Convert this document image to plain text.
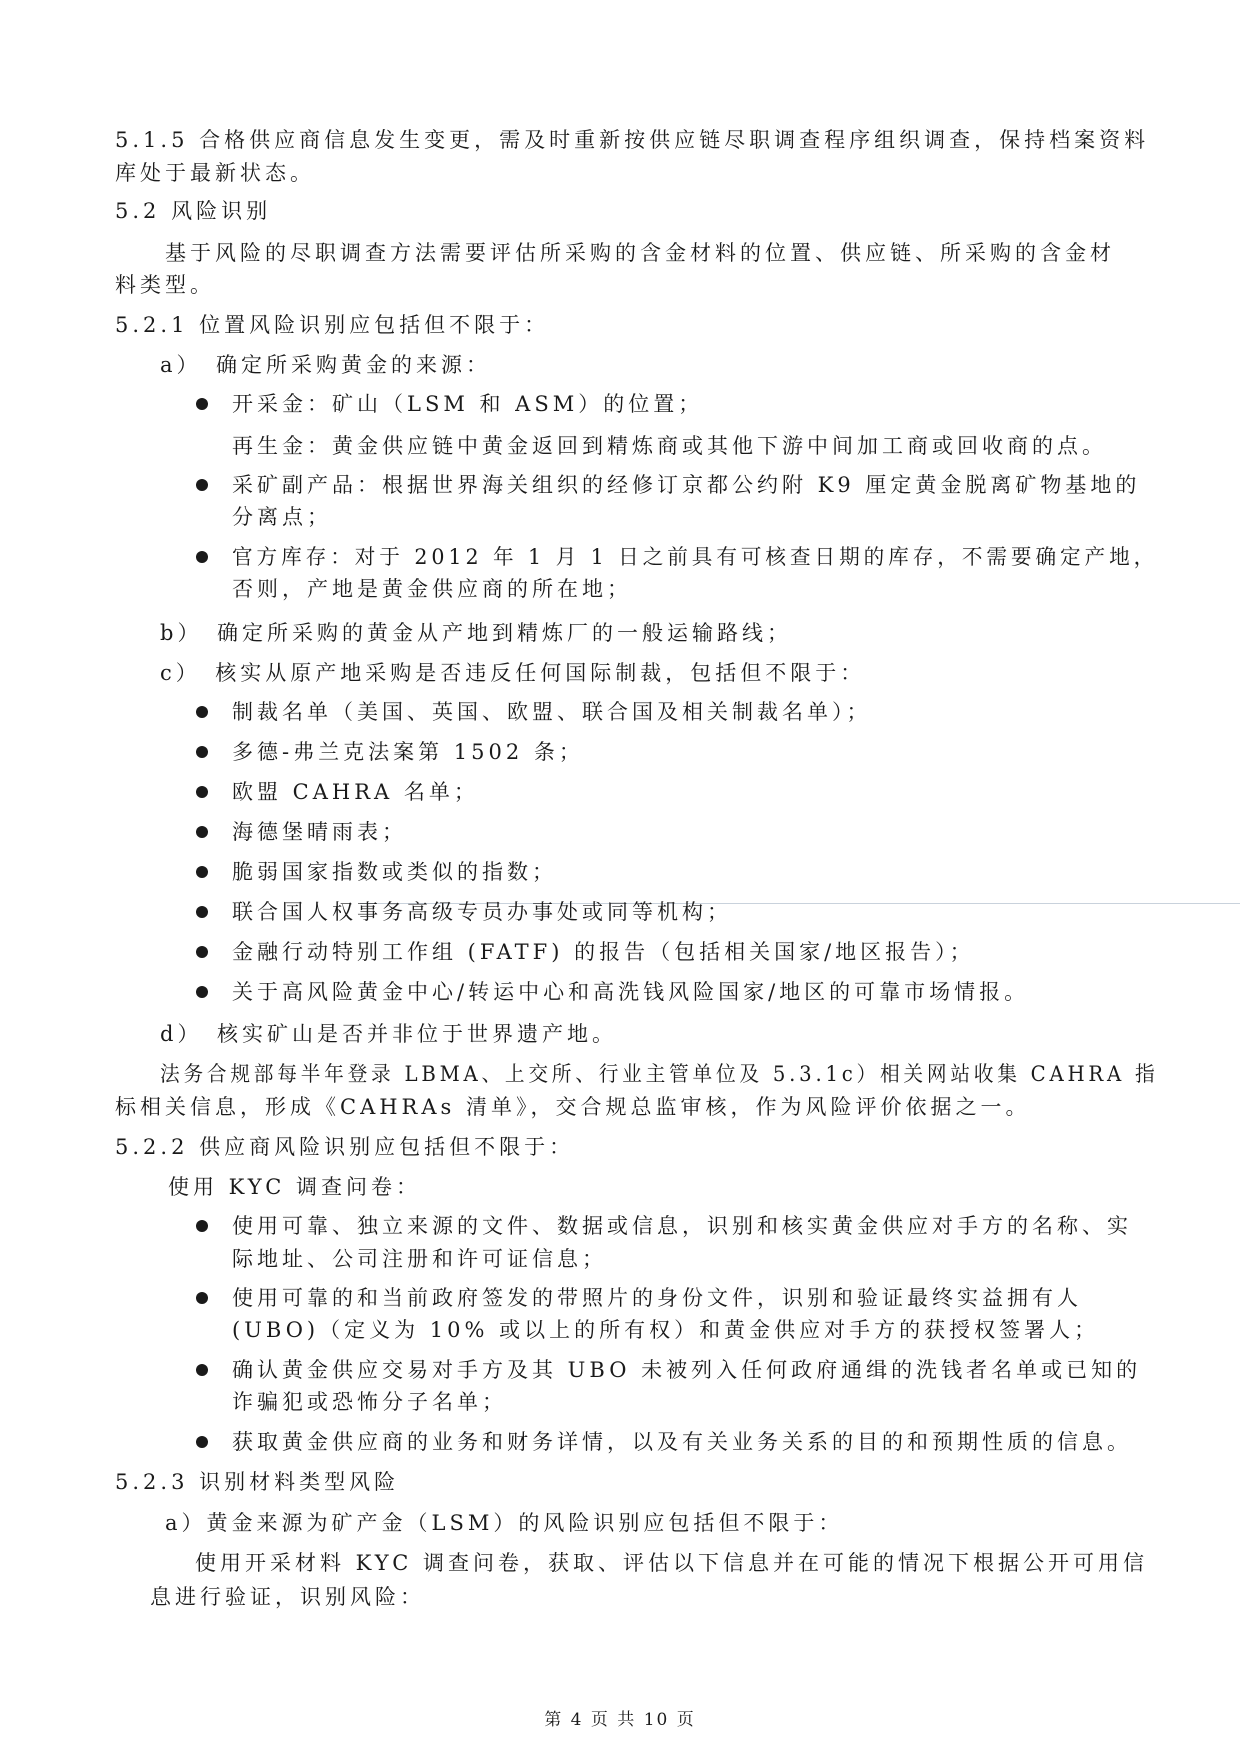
5.1.5 合格供应商信息发生变更，需及时重新按供应链尽职调查程序组织调查，保持档案资料
库处于最新状态。
5.2 风险识别
基于风险的尽职调查方法需要评估所采购的含金材料的位置、供应链、所采购的含金材
料类型。
5.2.1 位置风险识别应包括但不限于：
a）　确定所采购黄金的来源：
开采金：矿山（LSM 和 ASM）的位置；
再生金：黄金供应链中黄金返回到精炼商或其他下游中间加工商或回收商的点。
采矿副产品：根据世界海关组织的经修订京都公约附 K9 厘定黄金脱离矿物基地的
分离点；
官方库存：对于 2012 年 1 月 1 日之前具有可核查日期的库存，不需要确定产地，
否则，产地是黄金供应商的所在地；
b）　确定所采购的黄金从产地到精炼厂的一般运输路线；
c）　核实从原产地采购是否违反任何国际制裁，包括但不限于：
制裁名单（美国、英国、欧盟、联合国及相关制裁名单）；
多德-弗兰克法案第 1502 条；
欧盟 CAHRA 名单；
海德堡晴雨表；
脆弱国家指数或类似的指数；
联合国人权事务高级专员办事处或同等机构；
金融行动特别工作组 (FATF) 的报告（包括相关国家/地区报告）；
关于高风险黄金中心/转运中心和高洗钱风险国家/地区的可靠市场情报。
d）　核实矿山是否并非位于世界遗产地。
法务合规部每半年登录 LBMA、上交所、行业主管单位及 5.3.1c）相关网站收集 CAHRA 指
标相关信息，形成《CAHRAs 清单》，交合规总监审核，作为风险评价依据之一。
5.2.2 供应商风险识别应包括但不限于：
使用 KYC 调查问卷：
使用可靠、独立来源的文件、数据或信息，识别和核实黄金供应对手方的名称、实
际地址、公司注册和许可证信息；
使用可靠的和当前政府签发的带照片的身份文件，识别和验证最终实益拥有人
(UBO)（定义为 10% 或以上的所有权）和黄金供应对手方的获授权签署人；
确认黄金供应交易对手方及其 UBO 未被列入任何政府通缉的洗钱者名单或已知的
诈骗犯或恐怖分子名单；
获取黄金供应商的业务和财务详情，以及有关业务关系的目的和预期性质的信息。
5.2.3 识别材料类型风险
a）黄金来源为矿产金（LSM）的风险识别应包括但不限于：
使用开采材料 KYC 调查问卷，获取、评估以下信息并在可能的情况下根据公开可用信
息进行验证，识别风险：
第 4 页 共 10 页
